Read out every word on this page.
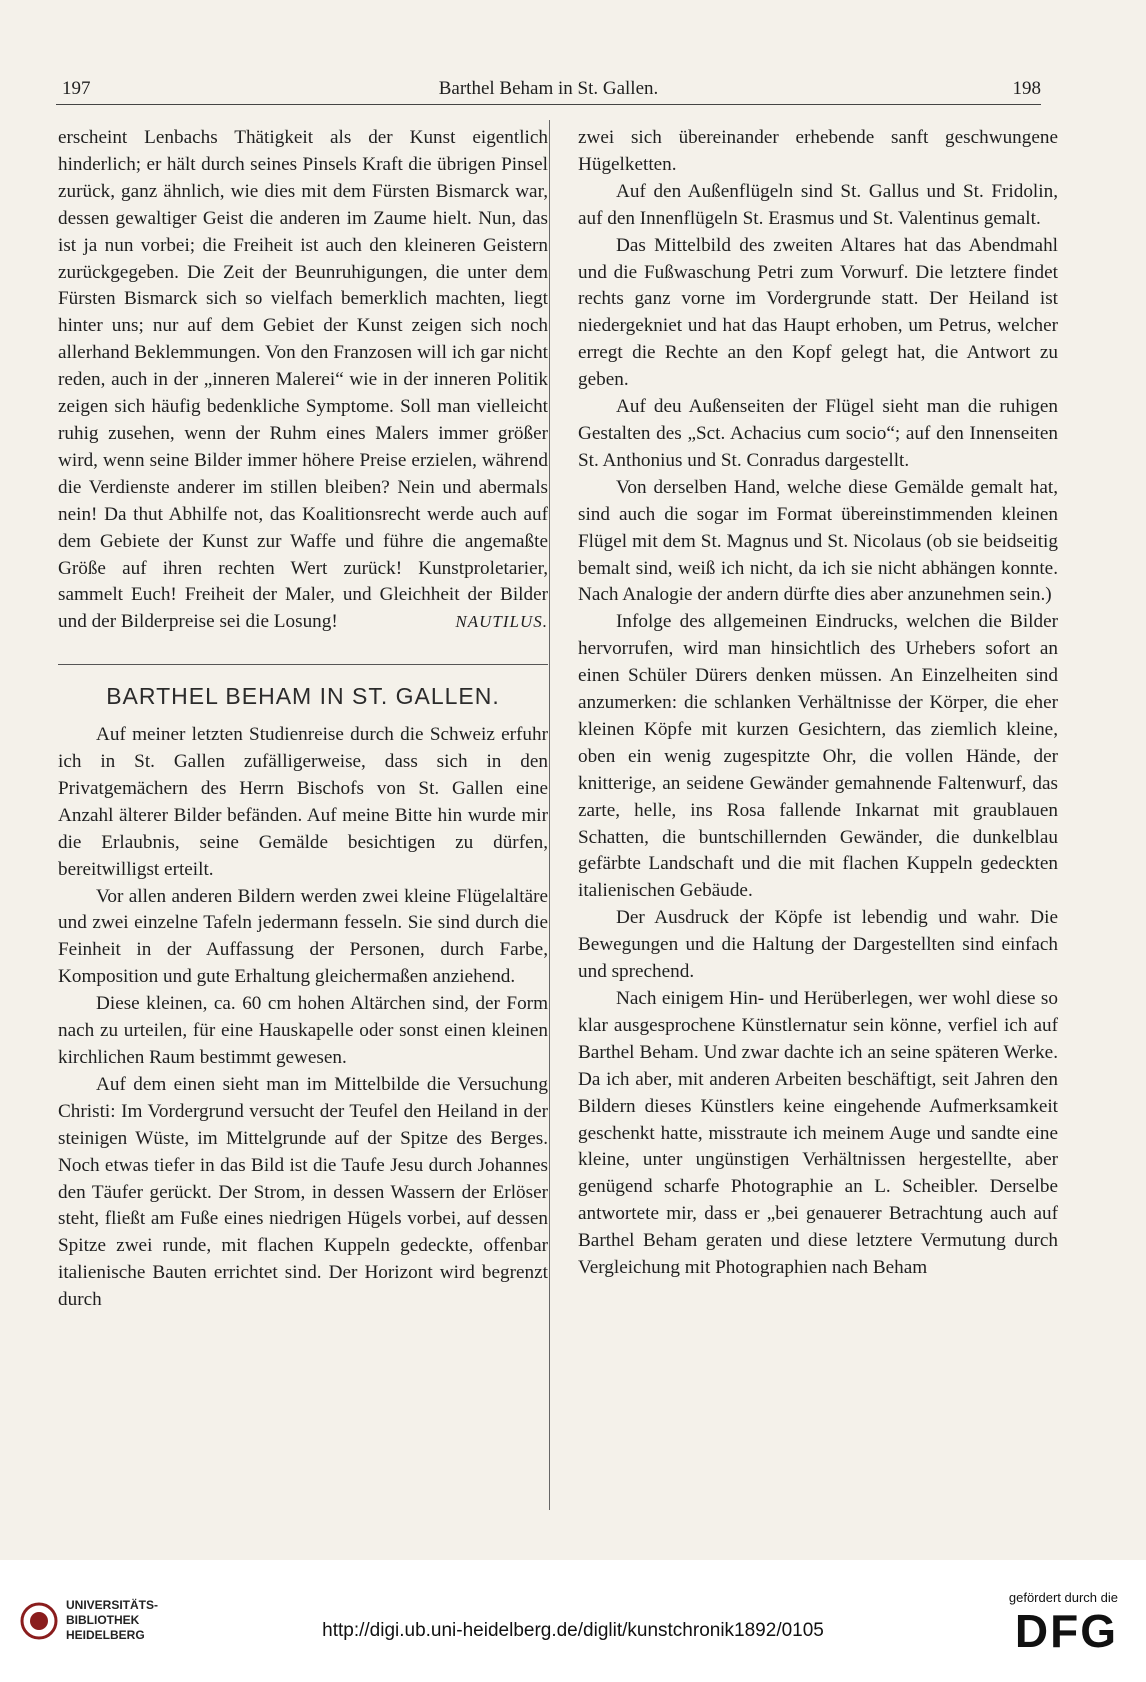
197	Barthel Beham in St. Gallen.	198

erscheint Lenbachs Thätigkeit als der Kunst eigentlich hinderlich; er hält durch seines Pinsels Kraft die übrigen Pinsel zurück, ganz ähnlich, wie dies mit dem Fürsten Bismarck war, dessen gewaltiger Geist die anderen im Zaume hielt. Nun, das ist ja nun vorbei; die Freiheit ist auch den kleineren Geistern zurückgegeben. Die Zeit der Beunruhigungen, die unter dem Fürsten Bismarck sich so vielfach bemerklich machten, liegt hinter uns; nur auf dem Gebiet der Kunst zeigen sich noch allerhand Beklemmungen. Von den Franzosen will ich gar nicht reden, auch in der „inneren Malerei“ wie in der inneren Politik zeigen sich häufig bedenkliche Symptome. Soll man vielleicht ruhig zusehen, wenn der Ruhm eines Malers immer größer wird, wenn seine Bilder immer höhere Preise erzielen, während die Verdienste anderer im stillen bleiben? Nein und abermals nein! Da thut Abhilfe not, das Koalitionsrecht werde auch auf dem Gebiete der Kunst zur Waffe und führe die angemaßte Größe auf ihren rechten Wert zurück! Kunstproletarier, sammelt Euch! Freiheit der Maler, und Gleichheit der Bilder und der Bilderpreise sei die Losung!	NAUTILUS.

BARTHEL BEHAM IN ST. GALLEN.

Auf meiner letzten Studienreise durch die Schweiz erfuhr ich in St. Gallen zufälligerweise, dass sich in den Privatgemächern des Herrn Bischofs von St. Gallen eine Anzahl älterer Bilder befänden. Auf meine Bitte hin wurde mir die Erlaubnis, seine Gemälde besichtigen zu dürfen, bereitwilligst erteilt.

Vor allen anderen Bildern werden zwei kleine Flügelaltäre und zwei einzelne Tafeln jedermann fesseln. Sie sind durch die Feinheit in der Auffassung der Personen, durch Farbe, Komposition und gute Erhaltung gleichermaßen anziehend.

Diese kleinen, ca. 60 cm hohen Altärchen sind, der Form nach zu urteilen, für eine Hauskapelle oder sonst einen kleinen kirchlichen Raum bestimmt gewesen.

Auf dem einen sieht man im Mittelbilde die Versuchung Christi: Im Vordergrund versucht der Teufel den Heiland in der steinigen Wüste, im Mittelgrunde auf der Spitze des Berges. Noch etwas tiefer in das Bild ist die Taufe Jesu durch Johannes den Täufer gerückt. Der Strom, in dessen Wassern der Erlöser steht, fließt am Fuße eines niedrigen Hügels vorbei, auf dessen Spitze zwei runde, mit flachen Kuppeln gedeckte, offenbar italienische Bauten errichtet sind. Der Horizont wird begrenzt durch

zwei sich übereinander erhebende sanft geschwungene Hügelketten.

Auf den Außenflügeln sind St. Gallus und St. Fridolin, auf den Innenflügeln St. Erasmus und St. Valentinus gemalt.

Das Mittelbild des zweiten Altares hat das Abendmahl und die Fußwaschung Petri zum Vorwurf. Die letztere findet rechts ganz vorne im Vordergrunde statt. Der Heiland ist niedergekniet und hat das Haupt erhoben, um Petrus, welcher erregt die Rechte an den Kopf gelegt hat, die Antwort zu geben.

Auf deu Außenseiten der Flügel sieht man die ruhigen Gestalten des „Sct. Achacius cum socio“; auf den Innenseiten St. Anthonius und St. Conradus dargestellt.

Von derselben Hand, welche diese Gemälde gemalt hat, sind auch die sogar im Format übereinstimmenden kleinen Flügel mit dem St. Magnus und St. Nicolaus (ob sie beidseitig bemalt sind, weiß ich nicht, da ich sie nicht abhängen konnte. Nach Analogie der andern dürfte dies aber anzunehmen sein.)

Infolge des allgemeinen Eindrucks, welchen die Bilder hervorrufen, wird man hinsichtlich des Urhebers sofort an einen Schüler Dürers denken müssen. An Einzelheiten sind anzumerken: die schlanken Verhältnisse der Körper, die eher kleinen Köpfe mit kurzen Gesichtern, das ziemlich kleine, oben ein wenig zugespitzte Ohr, die vollen Hände, der knitterige, an seidene Gewänder gemahnende Faltenwurf, das zarte, helle, ins Rosa fallende Inkarnat mit graublauen Schatten, die buntschillernden Gewänder, die dunkelblau gefärbte Landschaft und die mit flachen Kuppeln gedeckten italienischen Gebäude.

Der Ausdruck der Köpfe ist lebendig und wahr. Die Bewegungen und die Haltung der Dargestellten sind einfach und sprechend.

Nach einigem Hin- und Herüberlegen, wer wohl diese so klar ausgesprochene Künstlernatur sein könne, verfiel ich auf Barthel Beham. Und zwar dachte ich an seine späteren Werke. Da ich aber, mit anderen Arbeiten beschäftigt, seit Jahren den Bildern dieses Künstlers keine eingehende Aufmerksamkeit geschenkt hatte, misstraute ich meinem Auge und sandte eine kleine, unter ungünstigen Verhältnissen hergestellte, aber genügend scharfe Photographie an L. Scheibler. Derselbe antwortete mir, dass er „bei genauerer Betrachtung auch auf Barthel Beham geraten und diese letztere Vermutung durch Vergleichung mit Photographien nach Beham

UNIVERSITÄTS-
BIBLIOTHEK
HEIDELBERG	http://digi.ub.uni-heidelberg.de/diglit/kunstchronik1892/0105
gefördert durch die
DFG
